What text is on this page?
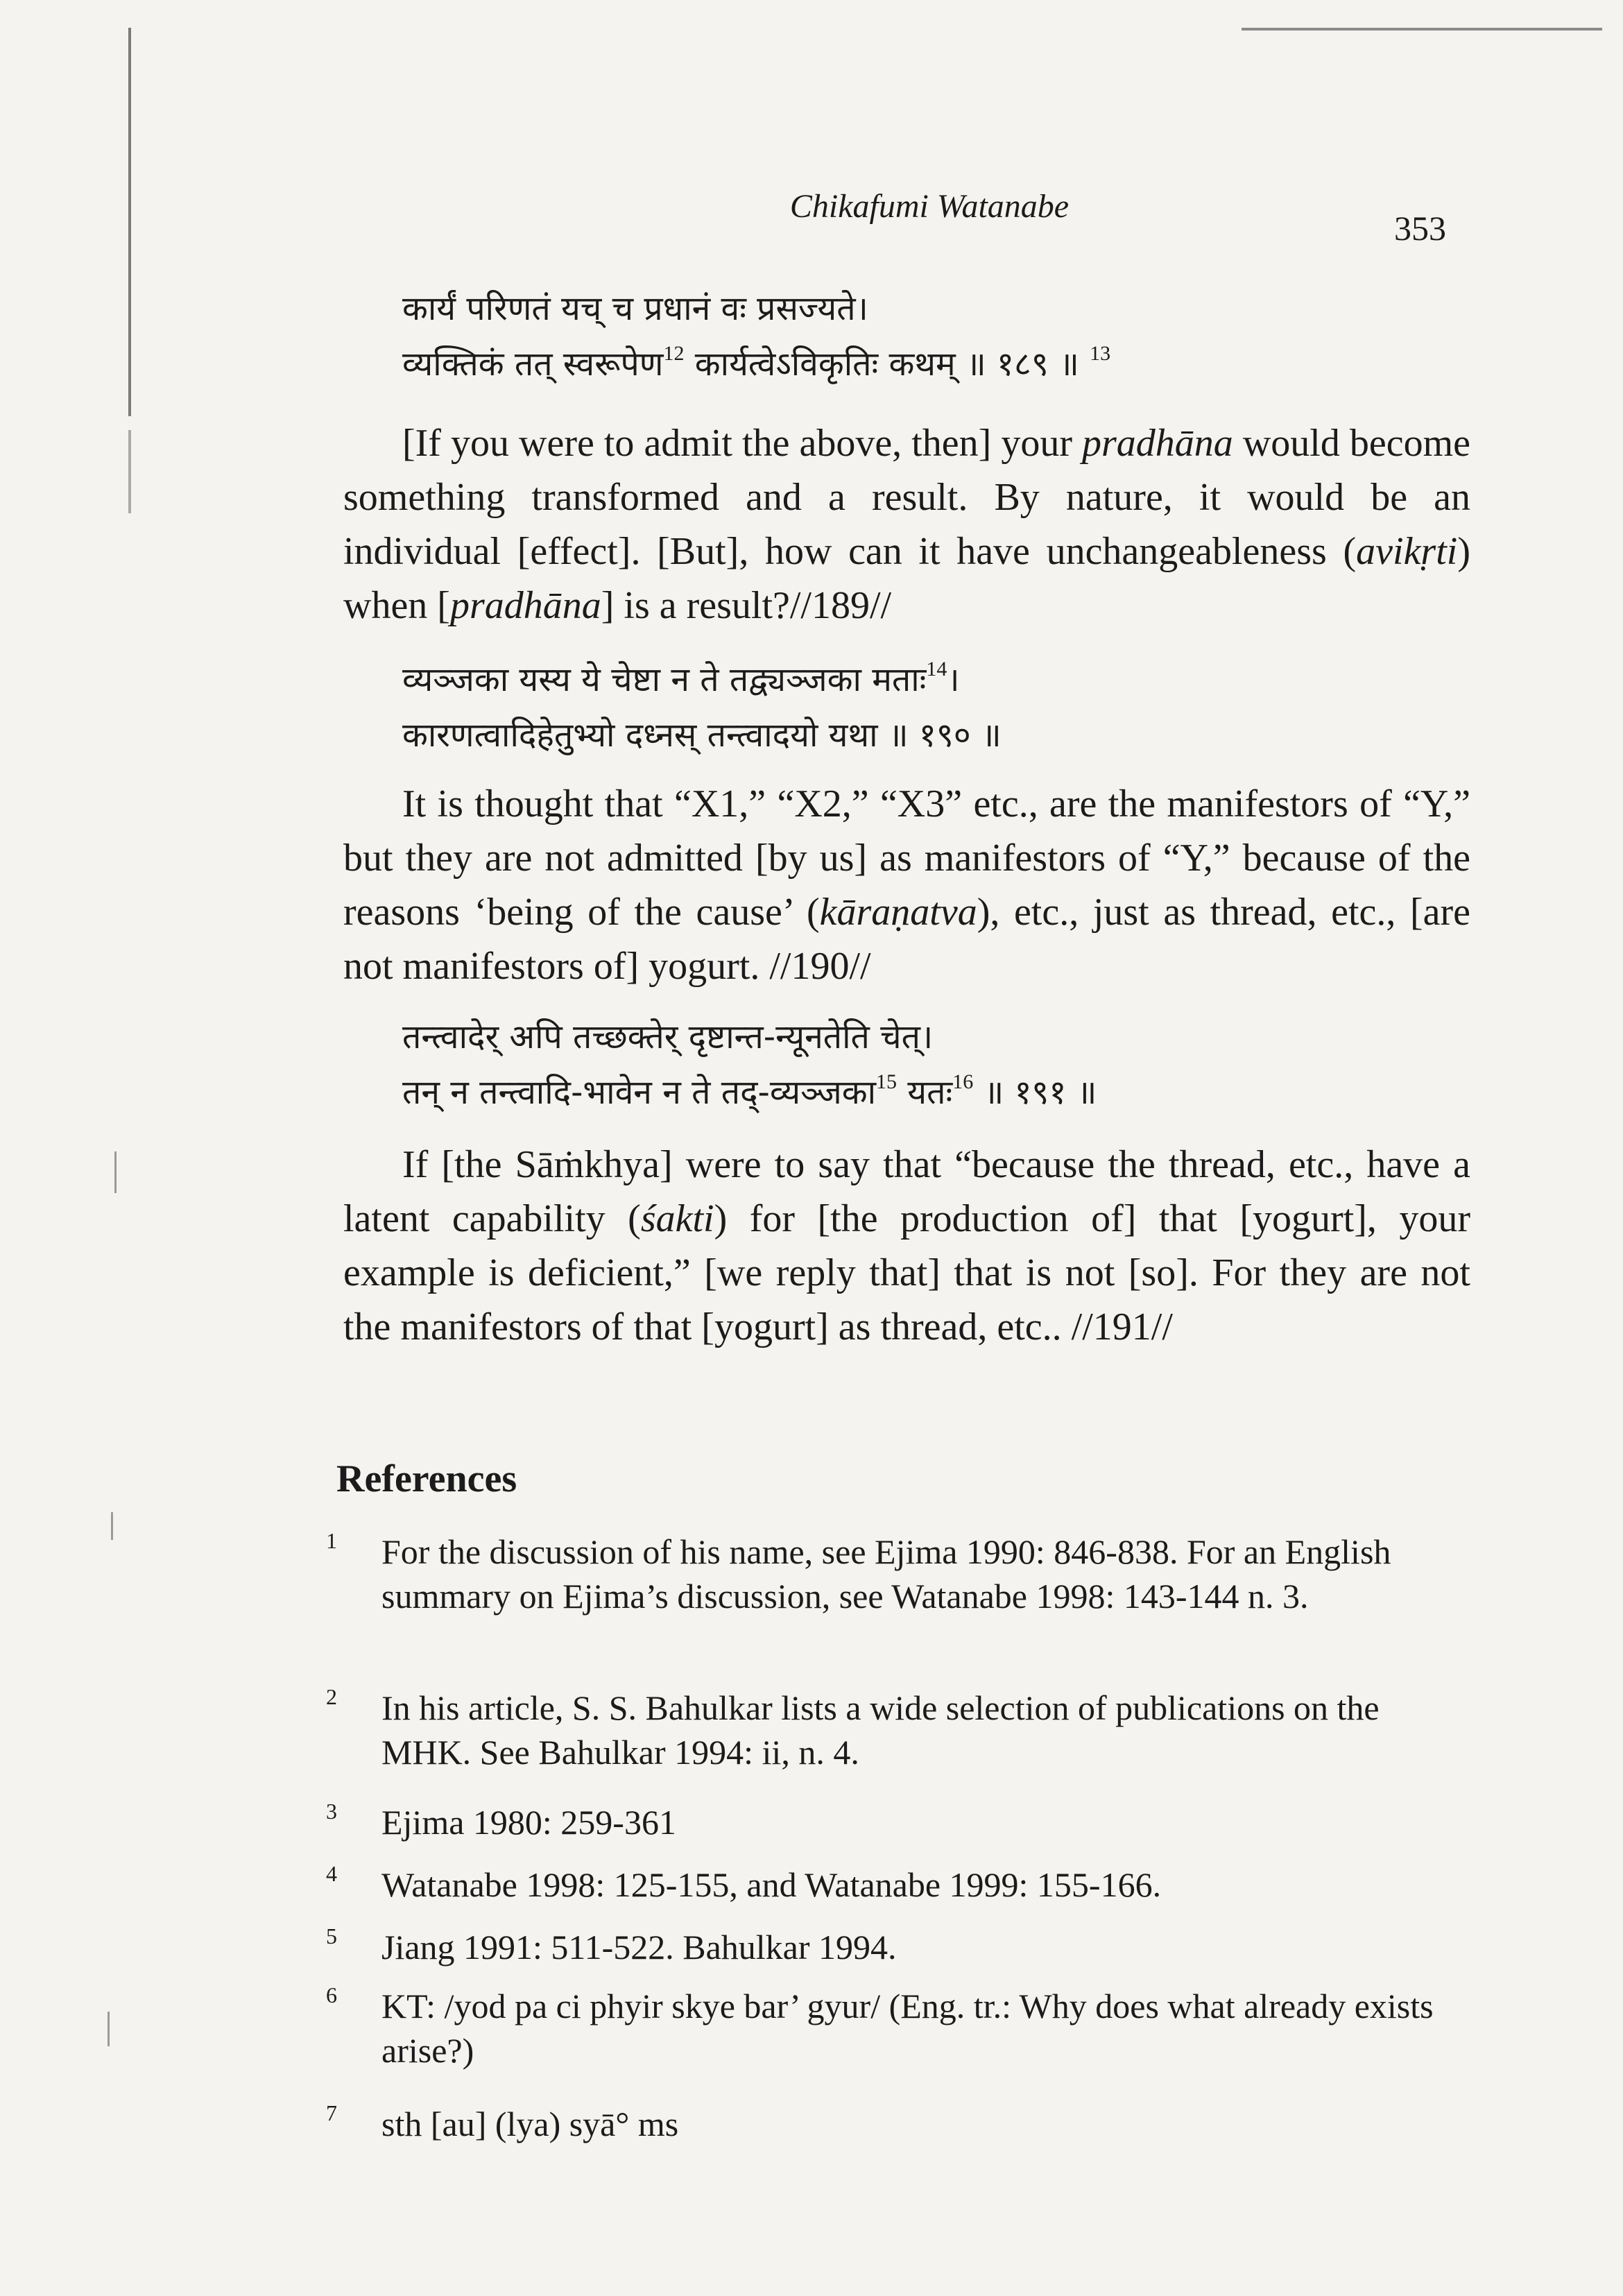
Chikafumi Watanabe
353
कार्यं परिणतं यच् च प्रधानं वः प्रसज्यते।
व्यक्तिकं तत् स्वरूपेण$^{12}$ कार्यत्वेऽविकृतिः कथम् ॥ १८९ ॥ $^{13}$
[If you were to admit the above, then] your pradhāna would become something transformed and a result. By nature, it would be an individual [effect]. [But], how can it have unchangeableness (avikṛti) when [pradhāna] is a result?//189//
व्यञ्जका यस्य ये चेष्टा न ते तद्व्यञ्जका मताः$^{14}$।
कारणत्वादिहेतुभ्यो दध्नस् तन्त्वादयो यथा ॥ १९० ॥
It is thought that “X1,” “X2,” “X3” etc., are the manifestors of “Y,” but they are not admitted [by us] as manifestors of “Y,” because of the reasons ‘being of the cause’ (kāraṇatva), etc., just as thread, etc., [are not manifestors of] yogurt. //190//
तन्त्वादेर् अपि तच्छक्तेर् दृष्टान्त-न्यूनतेति चेत्।
तन् न तन्त्वादि-भावेन न ते तद्-व्यञ्जका$^{15}$ यतः$^{16}$ ॥ १९१ ॥
If [the Sāṁkhya] were to say that “because the thread, etc., have a latent capability (śakti) for [the production of] that [yogurt], your example is deficient,” [we reply that] that is not [so]. For they are not the manifestors of that [yogurt] as thread, etc.. //191//
References
1 For the discussion of his name, see Ejima 1990: 846-838. For an English summary on Ejima’s discussion, see Watanabe 1998: 143-144 n. 3.
2 In his article, S. S. Bahulkar lists a wide selection of publications on the MHK. See Bahulkar 1994: ii, n. 4.
3 Ejima 1980: 259-361
4 Watanabe 1998: 125-155, and Watanabe 1999: 155-166.
5 Jiang 1991: 511-522. Bahulkar 1994.
6 KT: /yod pa ci phyir skye bar’ gyur/ (Eng. tr.: Why does what already exists arise?)
7 sth [au] (lya) syā° ms
